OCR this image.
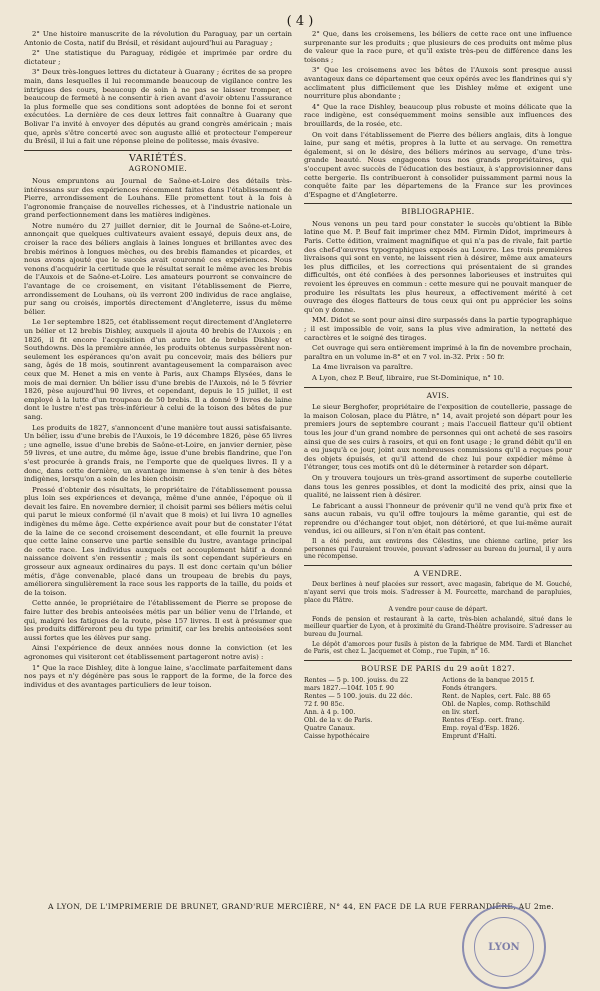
( 4 )

2° Une histoire manuscrite de la révolution du Paraguay, par un certain Antonio de Costa, natif du Brésil, et résidant aujourd'hui au Paraguay ;

2° Une statistique du Paraguay, rédigée et imprimée par ordre du dictateur ;

3° Deux très-longues lettres du dictateur à Guarany ; écrites de sa propre main, dans lesquelles il lui recommande beaucoup de vigilance contre les intrigues des cours, beaucoup de soin à ne pas se laisser tromper, et beaucoup de fermeté à ne consentir à rien avant d'avoir obtenu l'assurance la plus formelle que ses conditions sont adoptées de bonne foi et seront exécutées. La dernière de ces deux lettres fait connaître à Guarany que Bolivar l'a invité à envoyer des députés au grand congrès américain ; mais que, après s'être concerté avec son auguste allié et protecteur l'empereur du Brésil, il lui a fait une réponse pleine de politesse, mais évasive.

VARIÉTÉS.
AGRONOMIE.

Nous empruntons au Journal de Saône-et-Loire des détails très-intéressans sur des expériences récemment faites dans l'établissement de Pierre, arrondissement de Louhans. Elle promettent tout à la fois à l'agronomie française de nouvelles richesses, et à l'industrie nationale un grand perfectionnement dans les matières indigènes.

Notre numéro du 27 juillet dernier, dit le Journal de Saône-et-Loire, annonçait que quelques cultivateurs avaient essayé, depuis deux ans, de croiser la race des béliers anglais à laines longues et brillantes avec des brebis mérinos à longues mèches, ou des brebis flamandes et picardes, et nous avons ajouté que le succès avait couronné ces expériences. Nous venons d'acquérir la certitude que le résultat serait le même avec les brebis de l'Auxois et de Saône-et-Loire. Les amateurs pourront se convaincre de l'avantage de ce croisement, en visitant l'établissement de Pierre, arrondissement de Louhans, où ils verront 200 individus de race anglaise, pur sang ou croisés, importés directement d'Angleterre, issus du même bélier.

Le 1er septembre 1825, cet établissement reçut directement d'Angleterre un bélier et 12 brebis Dishley, auxquels il ajouta 40 brebis de l'Auxois ; en 1826, il fit encore l'acquisition d'un autre lot de brebis Dishley et Southdowns. Dès la première année, les produits obtenus surpassèrent non-seulement les espérances qu'on avait pu concevoir, mais des béliers pur sang, âgés de 18 mois, soutinrent avantageusement la comparaison avec ceux que M. Henet a mis en vente à Paris, aux Champs Élysées, dans le mois de mai dernier. Un bélier issu d'une brebis de l'Auxois, né le 5 février 1826, pèse aujourd'hui 90 livres, et cependant, depuis le 15 juillet, il est employé à la lutte d'un troupeau de 50 brebis. Il a donné 9 livres de laine dont le lustre n'est pas très-inférieur à celui de la toison des bêtes de pur sang.

Les produits de 1827, s'annoncent d'une manière tout aussi satisfaisante. Un bélier, issu d'une brebis de l'Auxois, le 19 décembre 1826, pèse 65 livres ; une agnelle, issue d'une brebis de Saône-et-Loire, en janvier dernier, pèse 59 livres, et une autre, du même âge, issue d'une brebis flandrine, que l'on s'est procurée à grands frais, ne l'emporte que de quelques livres. Il y a donc, dans cette dernière, un avantage immense à s'en tenir à des bêtes indigènes, lorsqu'on a soin de les bien choisir.

Pressé d'obtenir des résultats, le propriétaire de l'établissement poussa plus loin ses expériences et devança, même d'une année, l'époque où il devait les faire. En novembre dernier, il choisit parmi ses béliers métis celui qui parut le mieux conformé (il n'avait que 8 mois) et lui livra 10 agnelles indigènes du même âge. Cette expérience avait pour but de constater l'état de la laine de ce second croisement descendant, et elle fournit la preuve que cette laine conserve une partie sensible du lustre, avantage principal de cette race. Les individus auxquels cet accouplement hâtif a donné naissance doivent s'en ressentir ; mais ils sont cependant supérieurs en grosseur aux agneaux ordinaires du pays. Il est donc certain qu'un bélier métis, d'âge convenable, placé dans un troupeau de brebis du pays, améliorera singulièrement la race sous les rapports de la taille, du poids et de la toison.

Cette année, le propriétaire de l'établissement de Pierre se propose de faire lutter des brebis anteoisées métis par un bélier venu de l'Irlande, et qui, malgré les fatigues de la route, pèse 157 livres. Il est à présumer que les produits différeront peu du type primitif, car les brebis anteoisées sont aussi fortes que les élèves pur sang.

Ainsi l'expérience de deux années nous donne la conviction (et les agronomes qui visiteront cet établissement partageront notre avis) :

1° Que la race Dishley, dite à longue laine, s'acclimate parfaitement dans nos pays et n'y dégénère pas sous le rapport de la forme, de la force des individus et des avantages particuliers de leur toison.

2° Que, dans les croisemens, les béliers de cette race ont une influence surprenante sur les produits ; que plusieurs de ces produits ont même plus de valeur que la race pure, et qu'il existe très-peu de différence dans les toisons ;

3° Que les croisemens avec les bêtes de l'Auxois sont presque aussi avantageux dans ce département que ceux opérés avec les flandrines qui s'y acclimatent plus difficilement que les Dishley même et exigent une nourriture plus abondante ;

4° Que la race Dishley, beaucoup plus robuste et moins délicate que la race indigène, est conséquemment moins sensible aux influences des brouillards, de la rosée, etc.

On voit dans l'établissement de Pierre des béliers anglais, dits à longue laine, pur sang et métis, propres à la lutte et au servage. On remettra également, si on le désire, des béliers mérinos au servage, d'une très-grande beauté. Nous engageons tous nos grands propriétaires, qui s'occupent avec succès de l'éducation des bestiaux, à s'approvisionner dans cette bergerie. Ils contribueront à consolider puissamment parmi nous la conquête faite par les départemens de la France sur les provinces d'Espagne et d'Angleterre.

BIBLIOGRAPHIE.

Nous venons un peu tard pour constater le succès qu'obtient la Bible latine que M. P. Beuf fait imprimer chez MM. Firmin Didot, imprimeurs à Paris. Cette édition, vraiment magnifique et qui n'a pas de rivale, fait partie des chef-d'œuvres typographiques exposés au Louvre. Les trois premières livraisons qui sont en vente, ne laissent rien à désirer, même aux amateurs les plus difficiles, et les corrections qui présentaient de si grandes difficultés, ont été confiées à des personnes laborieuses et instruites qui revoient les épreuves en commun : cette mesure qui ne pouvait manquer de produire les résultats les plus heureux, a effectivement mérité à cet ouvrage des éloges flatteurs de tous ceux qui ont pu apprécier les soins qu'on y donne.

MM. Didot se sont pour ainsi dire surpassés dans la partie typographique ; il est impossible de voir, sans la plus vive admiration, la netteté des caractères et le soigné des tirages.

Cet ouvrage qui sera entièrement imprimé à la fin de novembre prochain, paraîtra en un volume in-8° et en 7 vol. in-32. Prix : 50 fr.

La 4me livraison va paraître.

A Lyon, chez P. Beuf, libraire, rue St-Dominique, n° 10.

AVIS.

Le sieur Berghofer, propriétaire de l'exposition de coutellerie, passage de la maison Colosan, place du Plâtre, n° 14, avait projeté son départ pour les premiers jours de septembre courant ; mais l'accueil flatteur qu'il obtient tous les jour d'un grand nombre de personnes qui ont acheté de ses rasoirs ainsi que de ses cuirs à rasoirs, et qui en font usage ; le grand débit qu'il en a eu jusqu'à ce jour, joint aux nombreuses commissions qu'il a reçues pour des objets épuisés, et qu'il attend de chez lui pour expédier même à l'étranger, tous ces motifs ont dû le déterminer à retarder son départ.

On y trouvera toujours un très-grand assortiment de superbe coutellerie dans tous les genres possibles, et dont la modicité des prix, ainsi que la qualité, ne laissent rien à désirer.

Le fabricant a aussi l'honneur de prévenir qu'il ne vend qu'à prix fixe et sans aucun rabais, vu qu'il offre toujours la même garantie, qui est de reprendre ou d'échanger tout objet, non détérioré, et que lui-même aurait vendus, ici ou ailleurs, si l'on n'en était pas content.

Il a été perdu, aux environs des Célestins, une chienne carline, prier les personnes qui l'auraient trouvée, pouvant s'adresser au bureau du journal, il y aura une récompense.

A VENDRE.

Deux berlines à neuf placées sur ressort, avec magasin, fabrique de M. Gouché, n'ayant servi que trois mois. S'adresser à M. Fourcette, marchand de parapluies, place du Plâtre.

A vendre pour cause de départ.

Fonds de pension et restaurant à la carte, très-bien achalandé, situé dans le meilleur quartier de Lyon, et à proximité du Grand-Théâtre provisoire. S'adresser au bureau du Journal.

Le dépôt d'amorces pour fusils à piston de la fabrique de MM. Tardi et Blanchet de Paris, est chez L. Jacquemet et Comp., rue Tupin, n° 16.

BOURSE DE PARIS du 29 août 1827.
Rentes — 5 p. 100. jouiss. du 22	Actions de la banque 2015 f.
mars 1827.—104f. 105 f. 90	Fonds étrangers.
Rentes — 5 100. jouis. du 22 déc.	Rent. de Naples, cert. Falc. 88 65
72 f. 90 85c.	Obl. de Naples, comp. Rothschild
Ann. à 4 p. 100.	en liv. sterl.
Obl. de la v. de Paris.	Rentes d'Esp. cert. franç.
Quatre Canaux.	Emp. royal d'Esp. 1826.
Caisse hypothécaire	Emprunt d'Haïti.
A LYON, DE L'IMPRIMERIE DE BRUNET, GRAND'RUE MERCIÈRE, N° 44, EN FACE DE LA RUE FERRANDIÈRE, AU 2me.
LYON
